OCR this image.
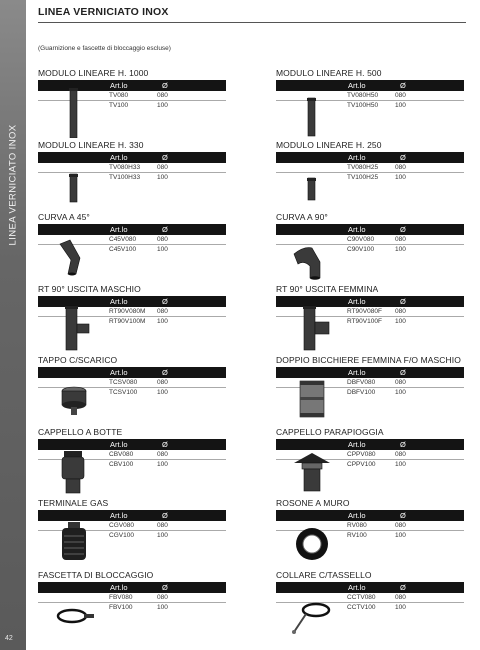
LINEA VERNICIATO INOX
42
LINEA VERNICIATO INOX
(Guarnizione e fascette di bloccaggio escluse)
MODULO LINEARE H. 1000
Art.lo	Ø
TV080	080
TV100	100
MODULO LINEARE H. 500
Art.lo	Ø
TV080H50	080
TV100H50	100
MODULO LINEARE H. 330
Art.lo	Ø
TV080H33	080
TV100H33	100
MODULO LINEARE H. 250
Art.lo	Ø
TV080H25	080
TV100H25	100
CURVA A 45°
Art.lo	Ø
C45V080	080
C45V100	100
CURVA A 90°
Art.lo	Ø
C90V080	080
C90V100	100
RT 90° USCITA MASCHIO
Art.lo	Ø
RT90V080M 080
RT90V100M 100
RT 90° USCITA FEMMINA
Art.lo	Ø
RT90V080F 080
RT90V100F 100
TAPPO C/SCARICO
Art.lo	Ø
TCSV080	080
TCSV100	100
DOPPIO BICCHIERE FEMMINA F/O MASCHIO
Art.lo	Ø
DBFV080	080
DBFV100	100
CAPPELLO A BOTTE
Art.lo	Ø
CBV080	080
CBV100	100
CAPPELLO PARAPIOGGIA
Art.lo	Ø
CPPV080	080
CPPV100	100
TERMINALE GAS
Art.lo	Ø
CGV080	080
CGV100	100
ROSONE A MURO
Art.lo	Ø
RV080	080
RV100	100
FASCETTA DI BLOCCAGGIO
Art.lo	Ø
FBV080	080
FBV100	100
COLLARE C/TASSELLO
Art.lo	Ø
CCTV080	080
CCTV100	100
